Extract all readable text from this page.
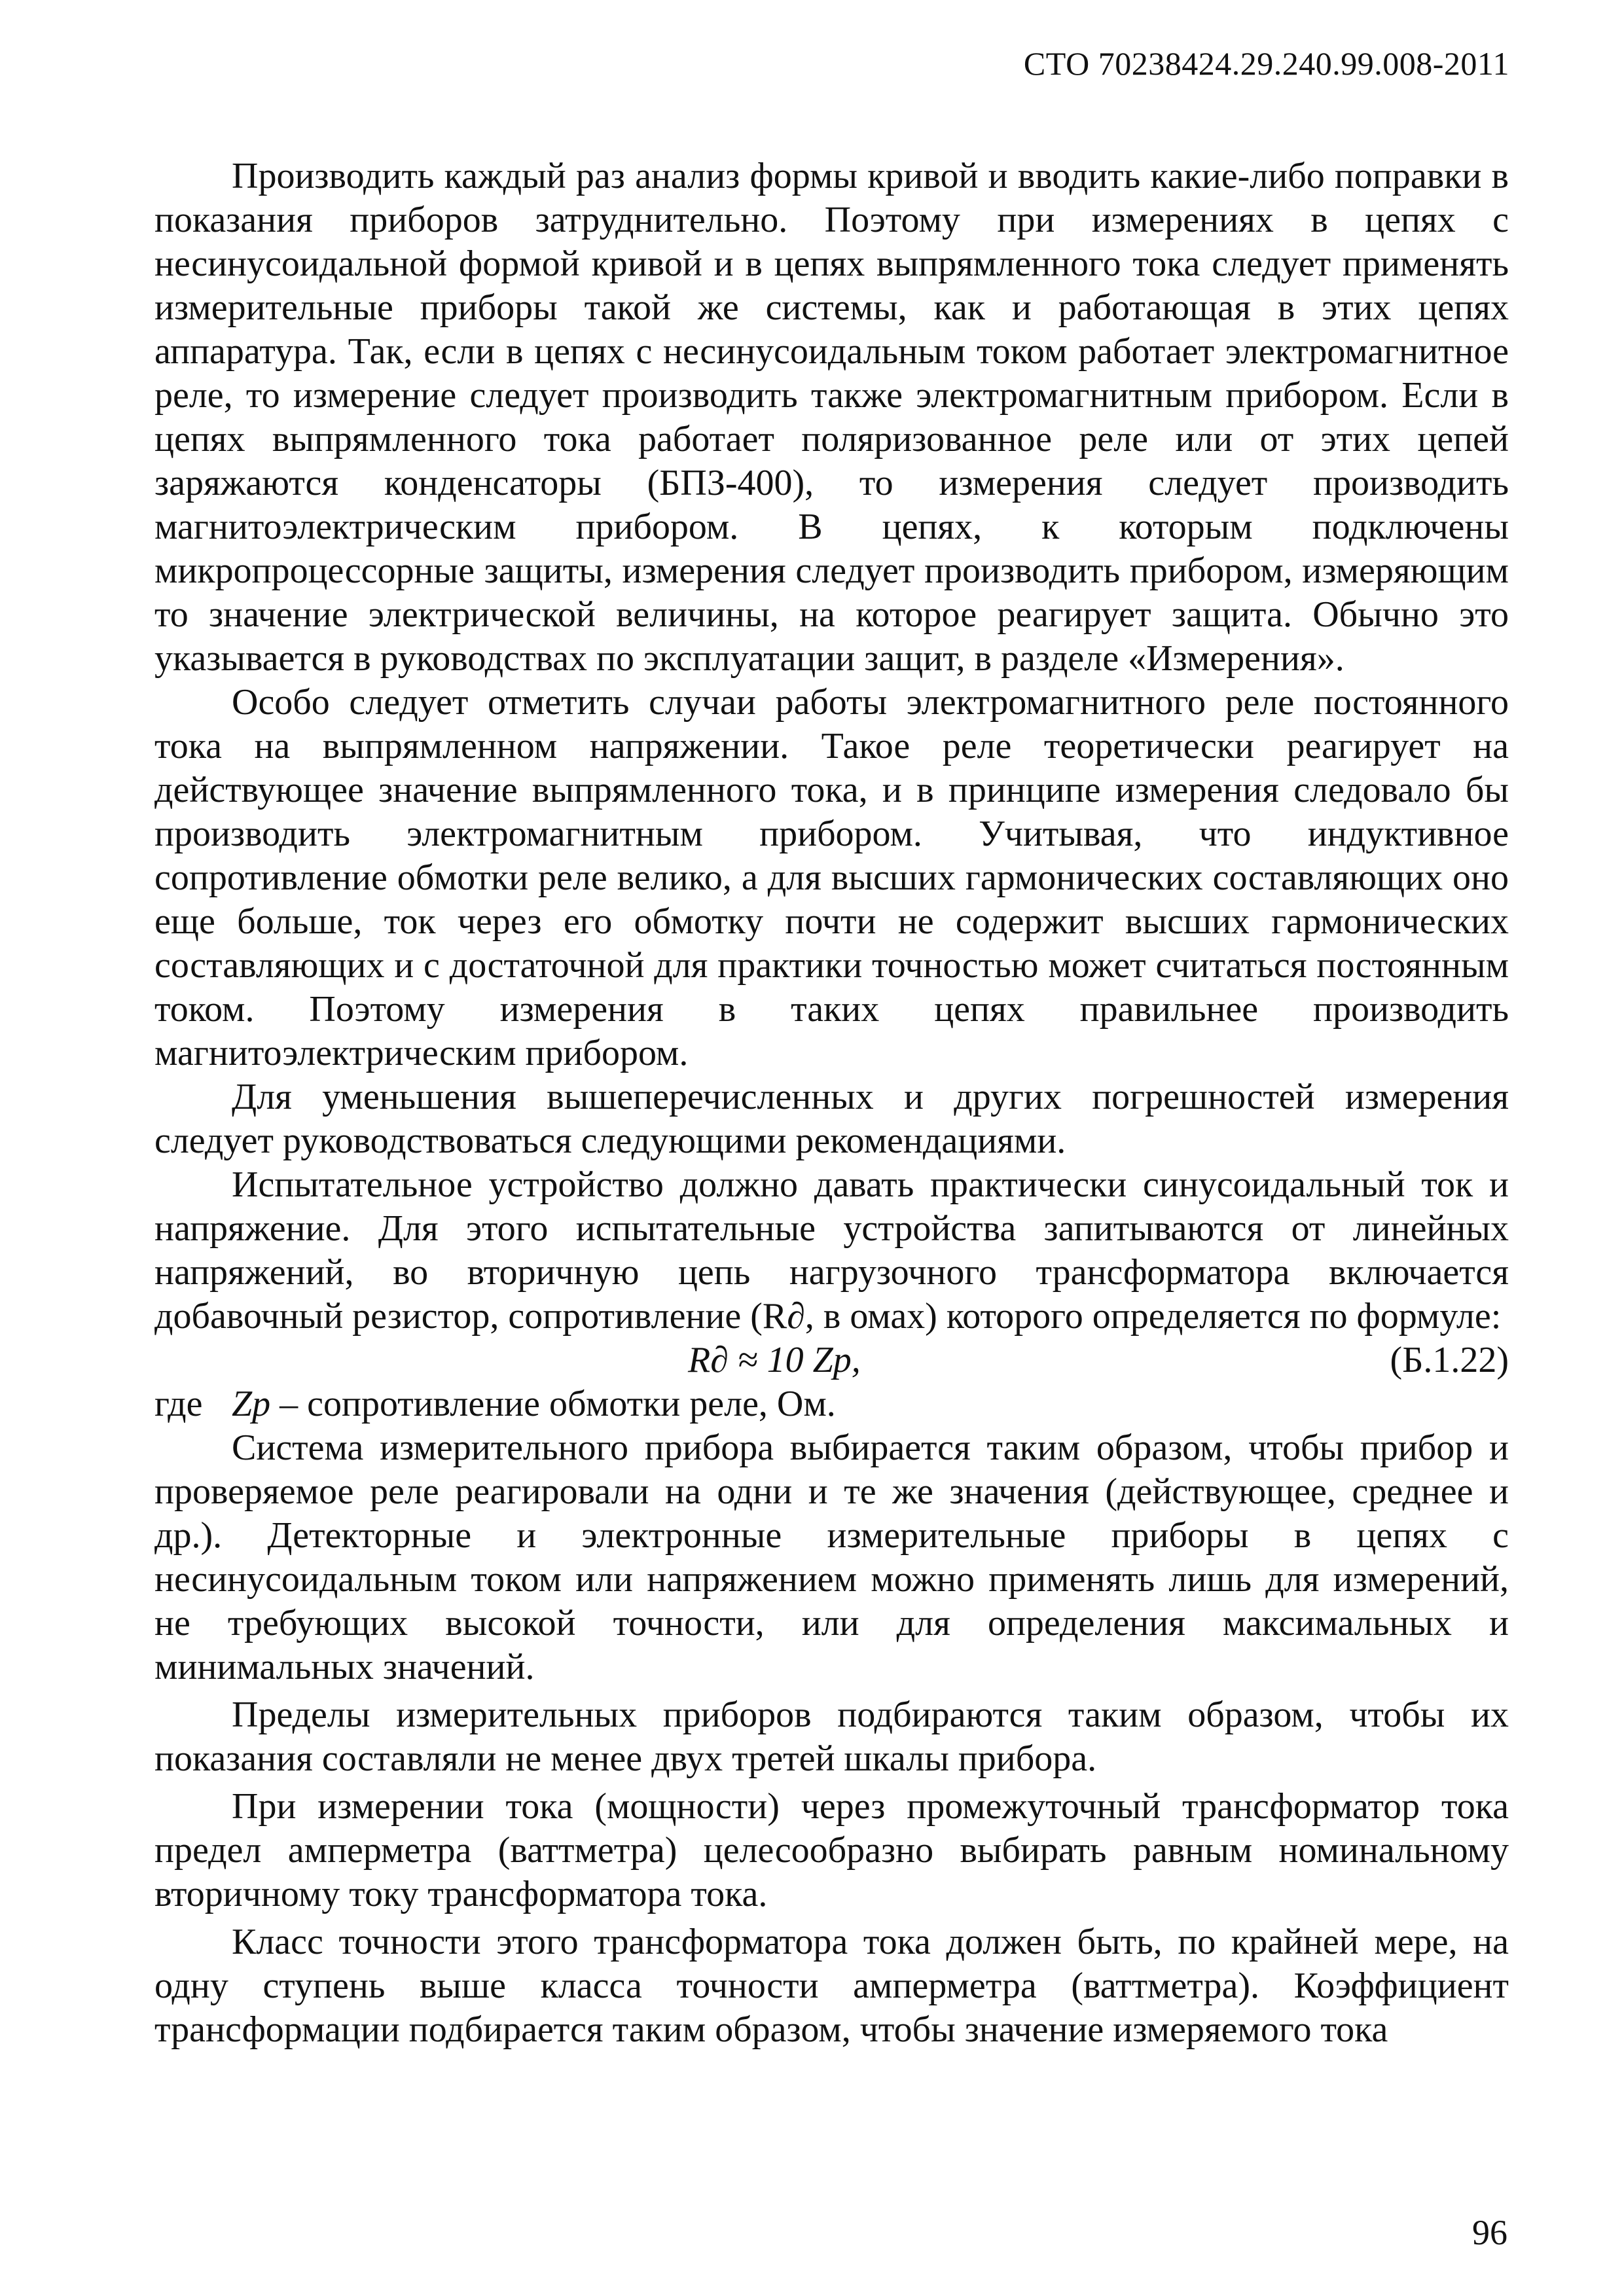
СТО 70238424.29.240.99.008-2011

Производить каждый раз анализ формы кривой и вводить какие-либо поправки в показания приборов затруднительно. Поэтому при измерениях в цепях с несинусоидальной формой кривой и в цепях выпрямленного тока следует применять измерительные приборы такой же системы, как и работающая в этих цепях аппаратура. Так, если в цепях с несинусоидальным током работает электромагнитное реле, то измерение следует производить также электромагнитным прибором. Если в цепях выпрямленного тока работает поляризованное реле или от этих цепей заряжаются конденсаторы (БПЗ-400), то измерения следует производить магнитоэлектрическим прибором. В цепях, к которым подключены микропроцессорные защиты, измерения следует производить прибором, измеряющим то значение электрической величины, на которое реагирует защита. Обычно это указывается в руководствах по эксплуатации защит, в разделе «Измерения».

Особо следует отметить случаи работы электромагнитного реле постоянного тока на выпрямленном напряжении. Такое реле теоретически реагирует на действующее значение выпрямленного тока, и в принципе измерения следовало бы производить электромагнитным прибором. Учитывая, что индуктивное сопротивление обмотки реле велико, а для высших гармонических составляющих оно еще больше, ток через его обмотку почти не содержит высших гармонических составляющих и с достаточной для практики точностью может считаться постоянным током. Поэтому измерения в таких цепях правильнее производить магнитоэлектрическим прибором.

Для уменьшения вышеперечисленных и других погрешностей измерения следует руководствоваться следующими рекомендациями.

Испытательное устройство должно давать практически синусоидальный ток и напряжение. Для этого испытательные устройства запитываются от линейных напряжений, во вторичную цепь нагрузочного трансформатора включается добавочный резистор, сопротивление (R∂, в омах) которого определяется по формуле:

R∂ ≈ 10 Zр,	(Б.1.22)

где Zр – сопротивление обмотки реле, Ом.

Система измерительного прибора выбирается таким образом, чтобы прибор и проверяемое реле реагировали на одни и те же значения (действующее, среднее и др.). Детекторные и электронные измерительные приборы в цепях с несинусоидальным током или напряжением можно применять лишь для измерений, не требующих высокой точности, или для определения максимальных и минимальных значений.

Пределы измерительных приборов подбираются таким образом, чтобы их показания составляли не менее двух третей шкалы прибора.

При измерении тока (мощности) через промежуточный трансформатор тока предел амперметра (ваттметра) целесообразно выбирать равным номинальному вторичному току трансформатора тока.

Класс точности этого трансформатора тока должен быть, по крайней мере, на одну ступень выше класса точности амперметра (ваттметра). Коэффициент трансформации подбирается таким образом, чтобы значение измеряемого тока

96
